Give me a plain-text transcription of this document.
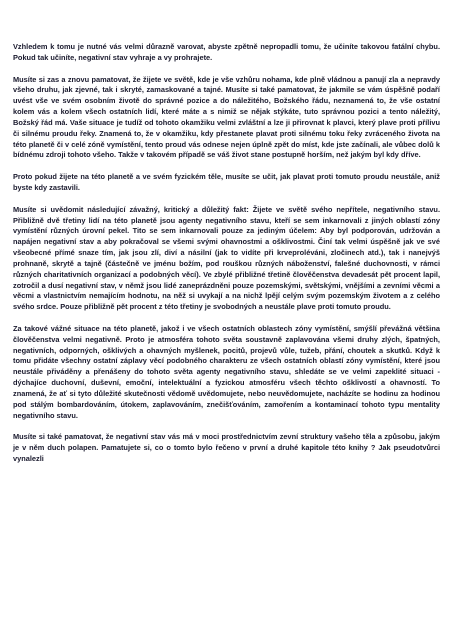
Vzhledem k tomu je nutné vás velmi důrazně varovat, abyste zpětně nepropadli tomu, že učiníte takovou fatální chybu. Pokud tak učiníte, negativní stav vyhraje a vy prohrajete.

Musíte si zas a znovu pamatovat, že žijete ve světě, kde je vše vzhůru nohama, kde plně vládnou a panují zla a nepravdy všeho druhu, jak zjevné, tak i skryté, zamaskované a tajné. Musíte si také pamatovat, že jakmile se vám úspěšně podaří uvést vše ve svém osobním životě do správné pozice a do náležitého, Božského řádu, neznamená to, že vše ostatní kolem vás a kolem všech ostatních lidí, které máte a s nimiž se nějak stýkáte, tuto správnou pozici a tento náležitý, Božský řád má. Vaše situace je tudíž od tohoto okamžiku velmi zvláštní a lze ji přirovnat k plavci, který plave proti přílivu či silnému proudu řeky. Znamená to, že v okamžiku, kdy přestanete plavat proti silnému toku řeky zvráceného života na této planetě či v celé zóně vymístění, tento proud vás odnese nejen úplně zpět do míst, kde jste začínali, ale vůbec dolů k bídnému zdroji tohoto všeho. Takže v takovém případě se váš život stane postupně horším, než jakým byl kdy dříve.

Proto pokud žijete na této planetě a ve svém fyzickém těle, musíte se učit, jak plavat proti tomuto proudu neustále, aniž byste kdy zastavili.

Musíte si uvědomit následující závažný, kritický a důležitý fakt: Žijete ve světě svého nepřítele, negativního stavu. Přibližně dvě třetiny lidí na této planetě jsou agenty negativního stavu, kteří se sem inkarnovali z jiných oblastí zóny vymístění různých úrovní pekel. Tito se sem inkarnovali pouze za jediným účelem: Aby byl podporován, udržován a napájen negativní stav a aby pokračoval se všemi svými ohavnostmi a ošklivostmi. Činí tak velmi úspěšně jak ve své všeobecné přímé snaze tím, jak jsou zlí, diví a násilní (jak to vidíte při krveproléváni, zločinech atd.), tak i nanejvýš prohnaně, skrytě a tajně (částečně ve jménu božím, pod rouškou různých náboženství, falešné duchovnosti, v rámci různých charitativních organizací a podobných věcí). Ve zbylé přibližné třetině člověčenstva devadesát pět procent lapil, zotročil a dusí negativní stav, v němž jsou lidé zaneprázdněni pouze pozemskými, světskými, vnějšími a zevními věcmi a věcmi a vlastnictvím nemajícím hodnotu, na něž si uvykají a na nichž lpějí celým svým pozemským životem a z celého svého srdce. Pouze přibližně pět procent z této třetiny je svobodných a neustále plave proti tomuto proudu.

Za takové vážné situace na této planetě, jakož i ve všech ostatních oblastech zóny vymístění, smýšlí převážná většina člověčenstva velmi negativně. Proto je atmosféra tohoto světa soustavně zaplavována všemi druhy zlých, špatných, negativních, odporných, ošklivých a ohavných myšlenek, pocitů, projevů vůle, tužeb, přání, choutek a skutků. Když k tomu přidáte všechny ostatní záplavy věcí podobného charakteru ze všech ostatních oblastí zóny vymístění, které jsou neustále přiváděny a přenášeny do tohoto světa agenty negativního stavu, shledáte se ve velmi zapeklité situaci - dýchajíce duchovní, duševní, emoční, intelektuální a fyzickou atmosféru všech těchto ošklivostí a ohavností. To znamená, že ať si tyto důležité skutečnosti vědomě uvědomujete, nebo neuvědomujete, nacházíte se hodinu za hodinou pod stálým bombardováním, útokem, zaplavováním, znečišťováním, zamořením a kontaminací tohoto typu mentality negativního stavu.

Musíte si také pamatovat, že negativní stav vás má v moci prostřednictvím zevní struktury vašeho těla a způsobu, jakým je v něm duch polapen. Pamatujete si, co o tomto bylo řečeno v první a druhé kapitole této knihy ? Jak pseudotvůrci vynalezli
